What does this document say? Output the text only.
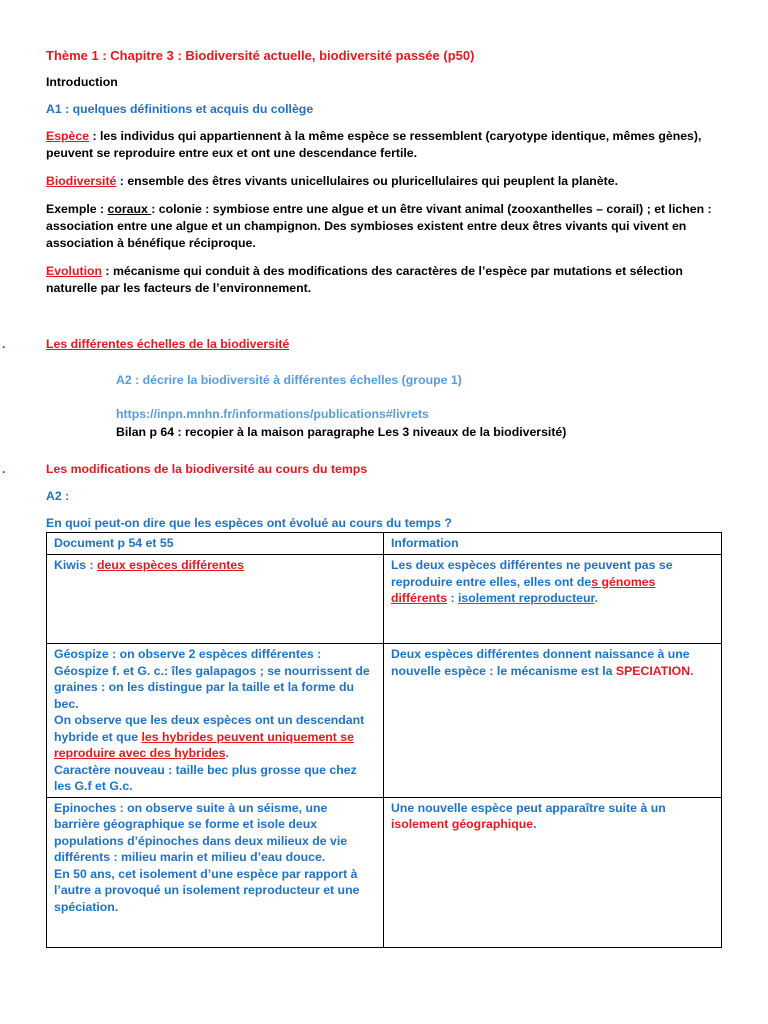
Thème 1 : Chapitre 3 : Biodiversité actuelle, biodiversité passée (p50)
Introduction
A1 : quelques définitions et acquis du collège
Espèce : les individus qui appartiennent à la même espèce se ressemblent (caryotype identique, mêmes gènes), peuvent se reproduire entre eux et ont une descendance fertile.
Biodiversité : ensemble des êtres vivants unicellulaires ou pluricellulaires qui peuplent la planète.
Exemple : coraux : colonie : symbiose entre une algue et un être vivant animal (zooxanthelles – corail) ; et lichen : association entre une algue et un champignon. Des symbioses existent entre deux êtres vivants qui vivent en association à bénéfique réciproque.
Evolution : mécanisme qui conduit à des modifications des caractères de l’espèce par mutations et sélection naturelle par les facteurs de l’environnement.
.	Les différentes échelles de la biodiversité
A2 : décrire la biodiversité à différentes échelles (groupe 1)
https://inpn.mnhn.fr/informations/publications#livrets
Bilan p 64 : recopier à la maison paragraphe Les 3 niveaux de la biodiversité)
.	Les modifications de la biodiversité au cours du temps
A2 :
En quoi peut-on dire que les espèces ont évolué au cours du temps ?
Document p 54 et 55	Information
Kiwis : deux espèces différentes	Les deux espèces différentes ne peuvent pas se reproduire entre elles, elles ont des génomes différents : isolement reproducteur.

Géospize : on observe 2 espèces différentes : Géospize f. et G. c.: îles galapagos ; se nourrissent de graines : on les distingue par la taille et la forme du bec.
On observe que les deux espèces ont un descendant hybride et que les hybrides peuvent uniquement se reproduire avec des hybrides.
Caractère nouveau : taille bec plus grosse que chez les G.f et G.c.	Deux espèces différentes donnent naissance à une nouvelle espèce : le mécanisme est la SPECIATION.

Epinoches : on observe suite à un séisme, une barrière géographique se forme et isole deux populations d’épinoches dans deux milieux de vie différents : milieu marin et milieu d’eau douce.
En 50 ans, cet isolement d’une espèce par rapport à l’autre a provoqué un isolement reproducteur et une spéciation.	Une nouvelle espèce peut apparaître suite à un isolement géographique.
